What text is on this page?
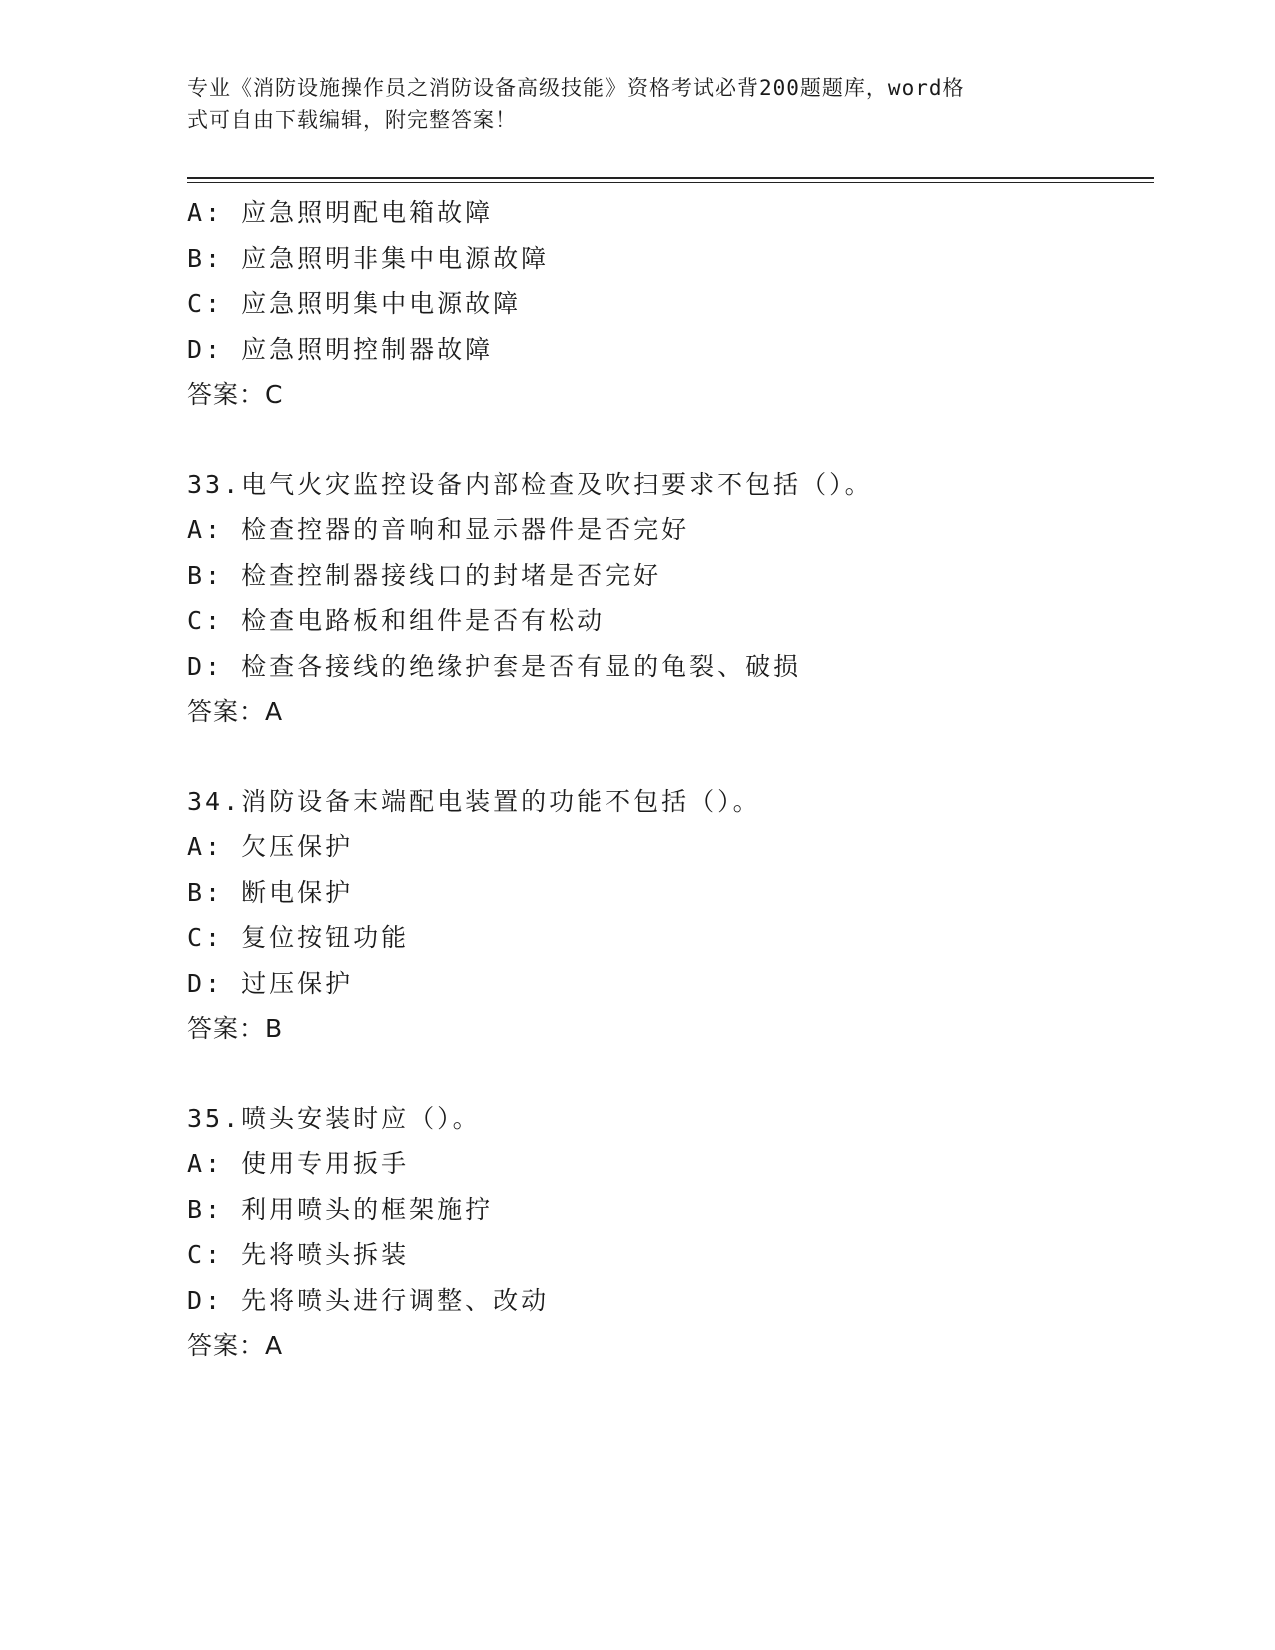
专业《消防设施操作员之消防设备高级技能》资格考试必背200题题库，word格
式可自由下载编辑，附完整答案！
A: 应急照明配电箱故障
B: 应急照明非集中电源故障
C: 应急照明集中电源故障
D: 应急照明控制器故障
答案：C
33.电气火灾监控设备内部检查及吹扫要求不包括（）。
A: 检查控器的音响和显示器件是否完好
B: 检查控制器接线口的封堵是否完好
C: 检查电路板和组件是否有松动
D: 检查各接线的绝缘护套是否有显的龟裂、破损
答案：A
34.消防设备末端配电装置的功能不包括（）。
A: 欠压保护
B: 断电保护
C: 复位按钮功能
D: 过压保护
答案：B
35.喷头安装时应（）。
A: 使用专用扳手
B: 利用喷头的框架施拧
C: 先将喷头拆装
D: 先将喷头进行调整、改动
答案：A
